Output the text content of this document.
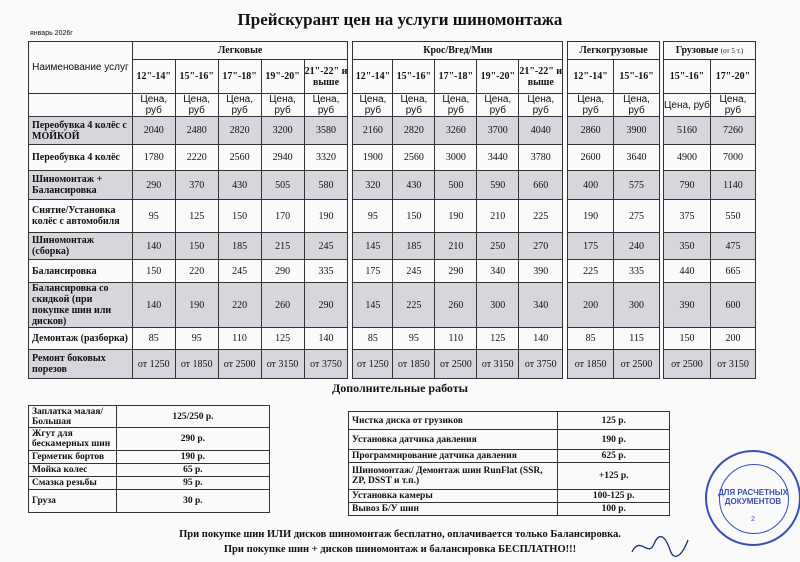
Прейскурант цен на услуги шиномонтажа
январь 2026г
Наименование услуг	Легковые						Крос/Вгед/Мин						Легкогрузовые			Грузовые (от 5 т.)	
	12"-14"	15"-16"	17"-18"	19"-20"	21"-22" и выше		12"-14"	15"-16"	17"-18"	19"-20"	21"-22" и выше		12"-14"	15"-16"		15"-16"	17"-20"
	Цена, руб	Цена, руб	Цена, руб	Цена, руб	Цена, руб		Цена, руб	Цена, руб	Цена, руб	Цена, руб	Цена, руб		Цена, руб	Цена, руб		Цена, руб	Цена, руб
Переобувка 4 колёс с МОЙКОЙ	2040	2480	2820	3200	3580		2160	2820	3260	3700	4040		2860	3900		5160	7260
Переобувка 4 колёс	1780	2220	2560	2940	3320		1900	2560	3000	3440	3780		2600	3640		4900	7000
Шиномонтаж + Балансировка	290	370	430	505	580		320	430	500	590	660		400	575		790	1140
Снятие/Установка колёс с автомобиля	95	125	150	170	190		95	150	190	210	225		190	275		375	550
Шиномонтаж (сборка)	140	150	185	215	245		145	185	210	250	270		175	240		350	475
Балансировка	150	220	245	290	335		175	245	290	340	390		225	335		440	665
Балансировка со скидкой (при покупке шин или дисков)	140	190	220	260	290		145	225	260	300	340		200	300		390	600
Демонтаж (разборка)	85	95	110	125	140		85	95	110	125	140		85	115		150	200
Ремонт боковых порезов	от 1250	от 1850	от 2500	от 3150	от 3750		от 1250	от 1850	от 2500	от 3150	от 3750		от 1850	от 2500		от 2500	от 3150
Дополнительные работы
Заплатка малая/Большая	125/250 р.
Жгут для бескамерных шин	290 р.
Герметик бортов	190 р.
Мойка колес	65 р.
Смазка резьбы	95 р.
Груза	30 р.
Чистка диска от грузиков	125 р.
Установка датчика давления	190 р.
Программирование датчика давления	625 р.
Шиномонтаж/ Демонтаж шин RunFlat (SSR, ZP, DSST и т.п.)	+125 р.
Установка камеры	100-125 р.
Вывоз Б/У шин	100 р.
При покупке шин ИЛИ дисков шиномонтаж бесплатно, оплачивается только Балансировка.
При покупке шин + дисков шиномонтаж и балансировка БЕСПЛАТНО!!!
ДЛЯ РАСЧЕТНЫХ ДОКУМЕНТОВ
2
